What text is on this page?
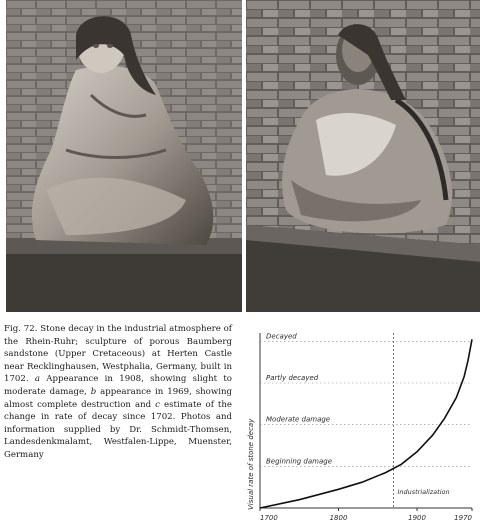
Fig. 72. Stone decay in the industrial atmosphere of the Rhein-Ruhr; sculpture of porous Baumberg sandstone (Upper Cretaceous) at Herten Castle near Recklinghausen, Westphalia, Germany, built in 1702. a Appearance in 1908, showing slight to moderate damage, b appearance in 1969, showing almost complete destruction and c estimate of the change in rate of decay since 1702. Photos and information supplied by Dr. Schmidt-Thomsen, Landesdenkmalamt, Westfalen-Lippe, Muenster, Germany	Visual rate of stone decay
1700	1800	1900	1970
Beginning damage
Moderate damage
Partly decayed
Decayed
Industrialization
